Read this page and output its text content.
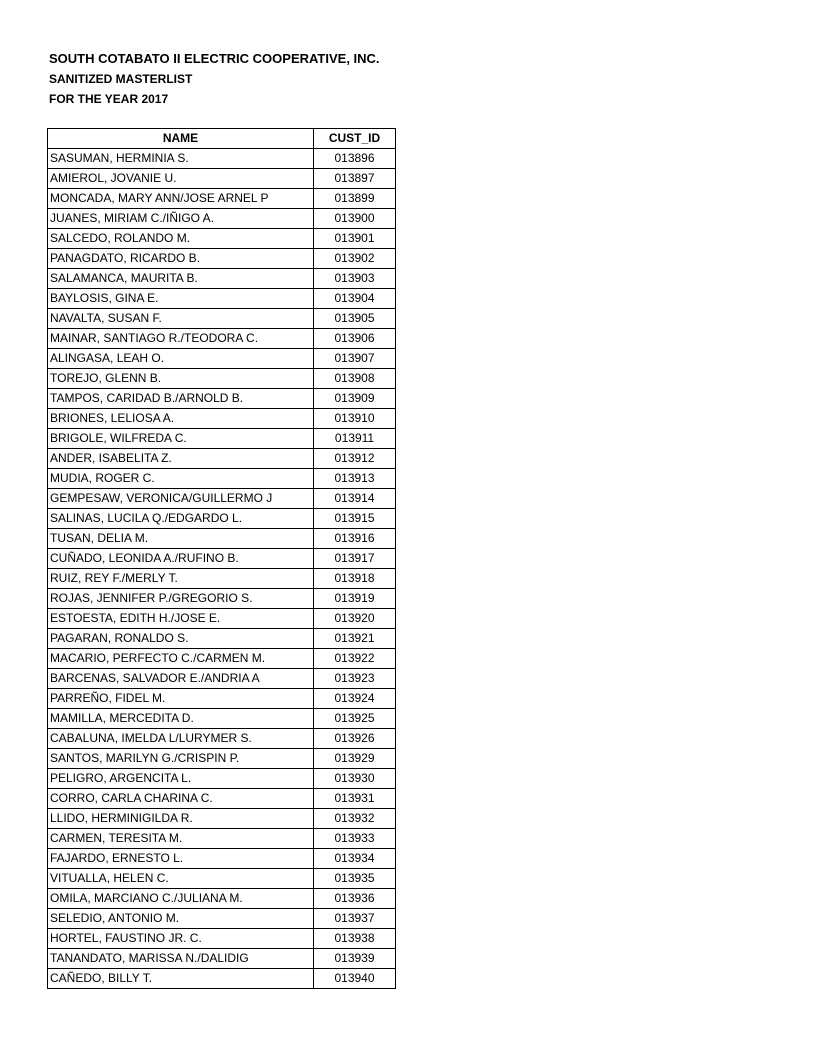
SOUTH COTABATO II ELECTRIC COOPERATIVE, INC.
SANITIZED MASTERLIST
FOR THE YEAR 2017
NAME	CUST_ID
SASUMAN, HERMINIA S.	013896
AMIEROL, JOVANIE U.	013897
MONCADA, MARY ANN/JOSE ARNEL P	013899
JUANES, MIRIAM C./IÑIGO A.	013900
SALCEDO, ROLANDO M.	013901
PANAGDATO, RICARDO B.	013902
SALAMANCA, MAURITA B.	013903
BAYLOSIS, GINA E.	013904
NAVALTA, SUSAN F.	013905
MAINAR, SANTIAGO R./TEODORA C.	013906
ALINGASA, LEAH O.	013907
TOREJO, GLENN B.	013908
TAMPOS, CARIDAD B./ARNOLD B.	013909
BRIONES, LELIOSA A.	013910
BRIGOLE, WILFREDA C.	013911
ANDER, ISABELITA Z.	013912
MUDIA, ROGER C.	013913
GEMPESAW, VERONICA/GUILLERMO J	013914
SALINAS, LUCILA Q./EDGARDO L.	013915
TUSAN, DELIA M.	013916
CUÑADO, LEONIDA A./RUFINO B.	013917
RUIZ, REY F./MERLY T.	013918
ROJAS, JENNIFER P./GREGORIO S.	013919
ESTOESTA, EDITH H./JOSE E.	013920
PAGARAN, RONALDO S.	013921
MACARIO, PERFECTO C./CARMEN M.	013922
BARCENAS, SALVADOR E./ANDRIA A	013923
PARREÑO, FIDEL M.	013924
MAMILLA, MERCEDITA D.	013925
CABALUNA, IMELDA L/LURYMER S.	013926
SANTOS, MARILYN G./CRISPIN P.	013929
PELIGRO, ARGENCITA L.	013930
CORRO, CARLA CHARINA C.	013931
LLIDO, HERMINIGILDA R.	013932
CARMEN, TERESITA M.	013933
FAJARDO, ERNESTO L.	013934
VITUALLA, HELEN C.	013935
OMILA, MARCIANO C./JULIANA M.	013936
SELEDIO, ANTONIO M.	013937
HORTEL, FAUSTINO JR. C.	013938
TANANDATO, MARISSA N./DALIDIG	013939
CAÑEDO, BILLY T.	013940
